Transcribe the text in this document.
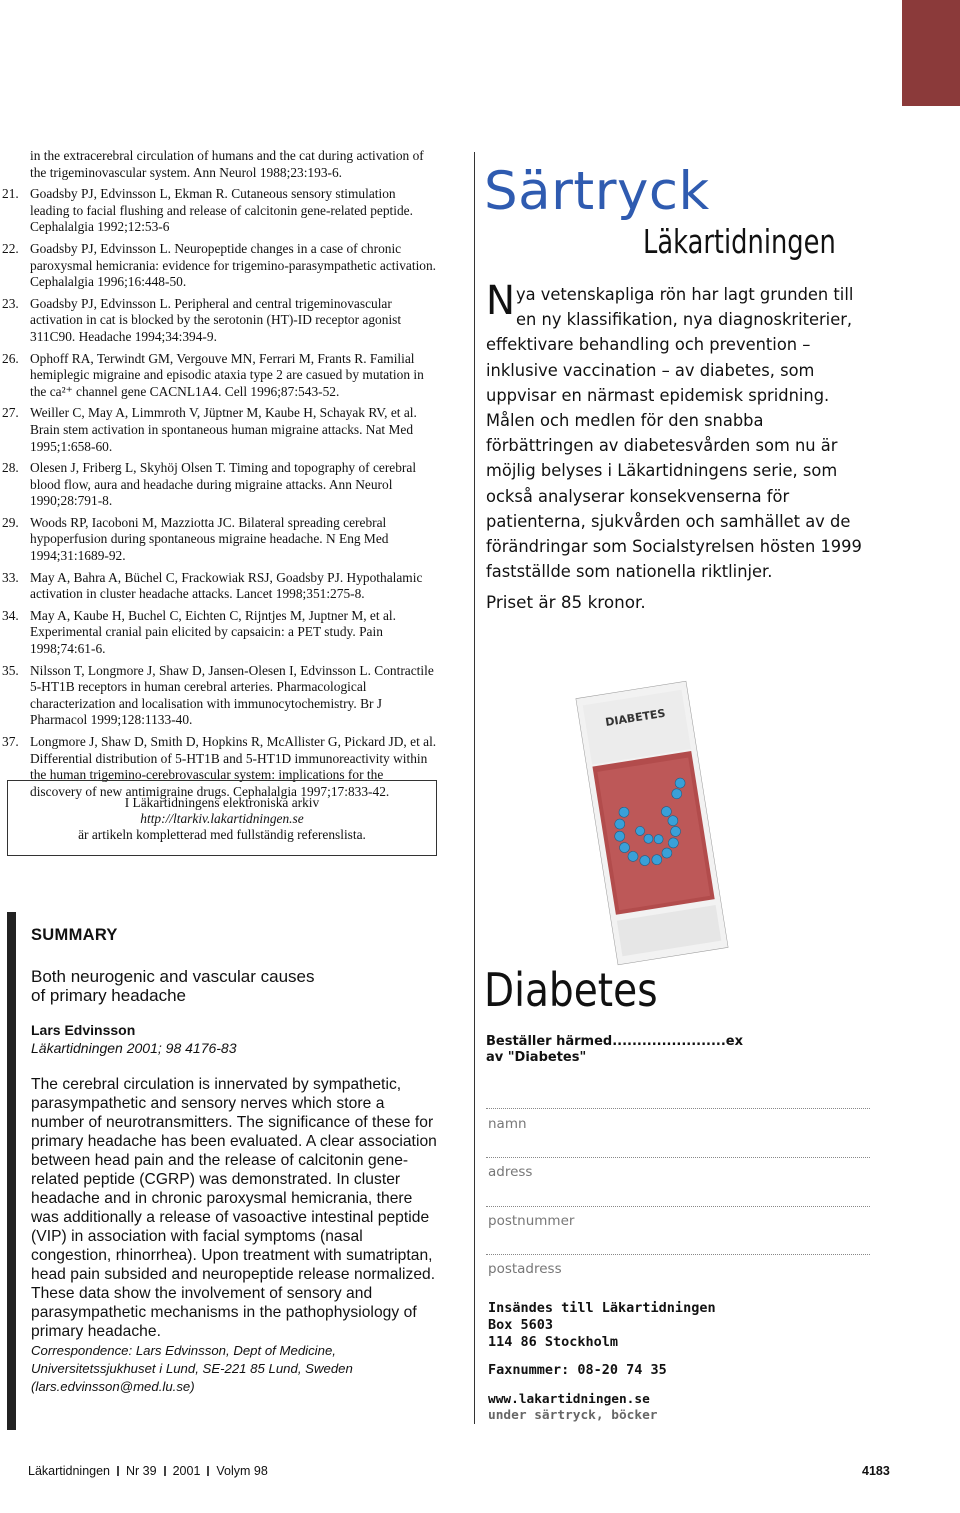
in the extracerebral circulation of humans and the cat during activation of the trigeminovascular system. Ann Neurol 1988;23:193-6.
21. Goadsby PJ, Edvinsson L, Ekman R. Cutaneous sensory stimulation leading to facial flushing and release of calcitonin gene-related peptide. Cephalalgia 1992;12:53-6
22. Goadsby PJ, Edvinsson L. Neuropeptide changes in a case of chronic paroxysmal hemicrania: evidence for trigemino-parasympathetic activation. Cephalalgia 1996;16:448-50.
23. Goadsby PJ, Edvinsson L. Peripheral and central trigeminovascular activation in cat is blocked by the serotonin (HT)-ID receptor agonist 311C90. Headache 1994;34:394-9.
26. Ophoff RA, Terwindt GM, Vergouve MN, Ferrari M, Frants R. Familial hemiplegic migraine and episodic ataxia type 2 are casued by mutation in the ca²⁺ channel gene CACNL1A4. Cell 1996;87:543-52.
27. Weiller C, May A, Limmroth V, Jüptner M, Kaube H, Schayak RV, et al. Brain stem activation in spontaneous human migraine attacks. Nat Med 1995;1:658-60.
28. Olesen J, Friberg L, Skyhöj Olsen T. Timing and topography of cerebral blood flow, aura and headache during migraine attacks. Ann Neurol 1990;28:791-8.
29. Woods RP, Iacoboni M, Mazziotta JC. Bilateral spreading cerebral hypoperfusion during spontaneous migraine headache. N Eng Med 1994;31:1689-92.
33. May A, Bahra A, Büchel C, Frackowiak RSJ, Goadsby PJ. Hypothalamic activation in cluster headache attacks. Lancet 1998;351:275-8.
34. May A, Kaube H, Buchel C, Eichten C, Rijntjes M, Juptner M, et al. Experimental cranial pain elicited by capsaicin: a PET study. Pain 1998;74:61-6.
35. Nilsson T, Longmore J, Shaw D, Jansen-Olesen I, Edvinsson L. Contractile 5-HT1B receptors in human cerebral arteries. Pharmacological characterization and localisation with immunocytochemistry. Br J Pharmacol 1999;128:1133-40.
37. Longmore J, Shaw D, Smith D, Hopkins R, McAllister G, Pickard JD, et al. Differential distribution of 5-HT1B and 5-HT1D immunoreactivity within the human trigemino-cerebrovascular system: implications for the discovery of new antimigraine drugs. Cephalalgia 1997;17:833-42.
I Läkartidningens elektroniska arkiv
http://ltarkiv.lakartidningen.se
är artikeln kompletterad med fullständig referenslista.
SUMMARY
Both neurogenic and vascular causes
of primary headache
Lars Edvinsson
Läkartidningen 2001; 98 4176-83
The cerebral circulation is innervated by sympathetic, parasympathetic and sensory nerves which store a number of neurotransmitters. The significance of these for primary headache has been evaluated. A clear association between head pain and the release of calcitonin gene-related peptide (CGRP) was demonstrated. In cluster headache and in chronic paroxysmal hemicrania, there was additionally a release of vasoactive intestinal peptide (VIP) in association with facial symptoms (nasal congestion, rhinorrhea). Upon treatment with sumatriptan, head pain subsided and neuropeptide release normalized. These data show the involvement of sensory and parasympathetic mechanisms in the pathophysiology of primary headache.
Correspondence: Lars Edvinsson, Dept of Medicine, Universitetssjukhuset i Lund, SE-221 85 Lund, Sweden (lars.edvinsson@med.lu.se)
Särtryck
Läkartidningen
Nya vetenskapliga rön har lagt grunden till en ny klassifikation, nya diagnoskriterier, effektivare behandling och prevention – inklusive vaccination – av diabetes, som uppvisar en närmast epidemisk spridning. Målen och medlen för den snabba förbättringen av diabetesvården som nu är möjlig belyses i Läkartidningens serie, som också analyserar konsekvenserna för patienterna, sjukvården och samhället av de förändringar som Socialstyrelsen hösten 1999 fastställde som nationella riktlinjer.
Priset är 85 kronor.
DIABETES
Diabetes
Beställer härmed.......................ex
av "Diabetes"
namn
adress
postnummer
postadress
Insändes till Läkartidningen
Box 5603
114 86 Stockholm
Faxnummer: 08-20 74 35
www.lakartidningen.se
under särtryck, böcker
Läkartidningen Nr 39 2001 Volym 98	4183
